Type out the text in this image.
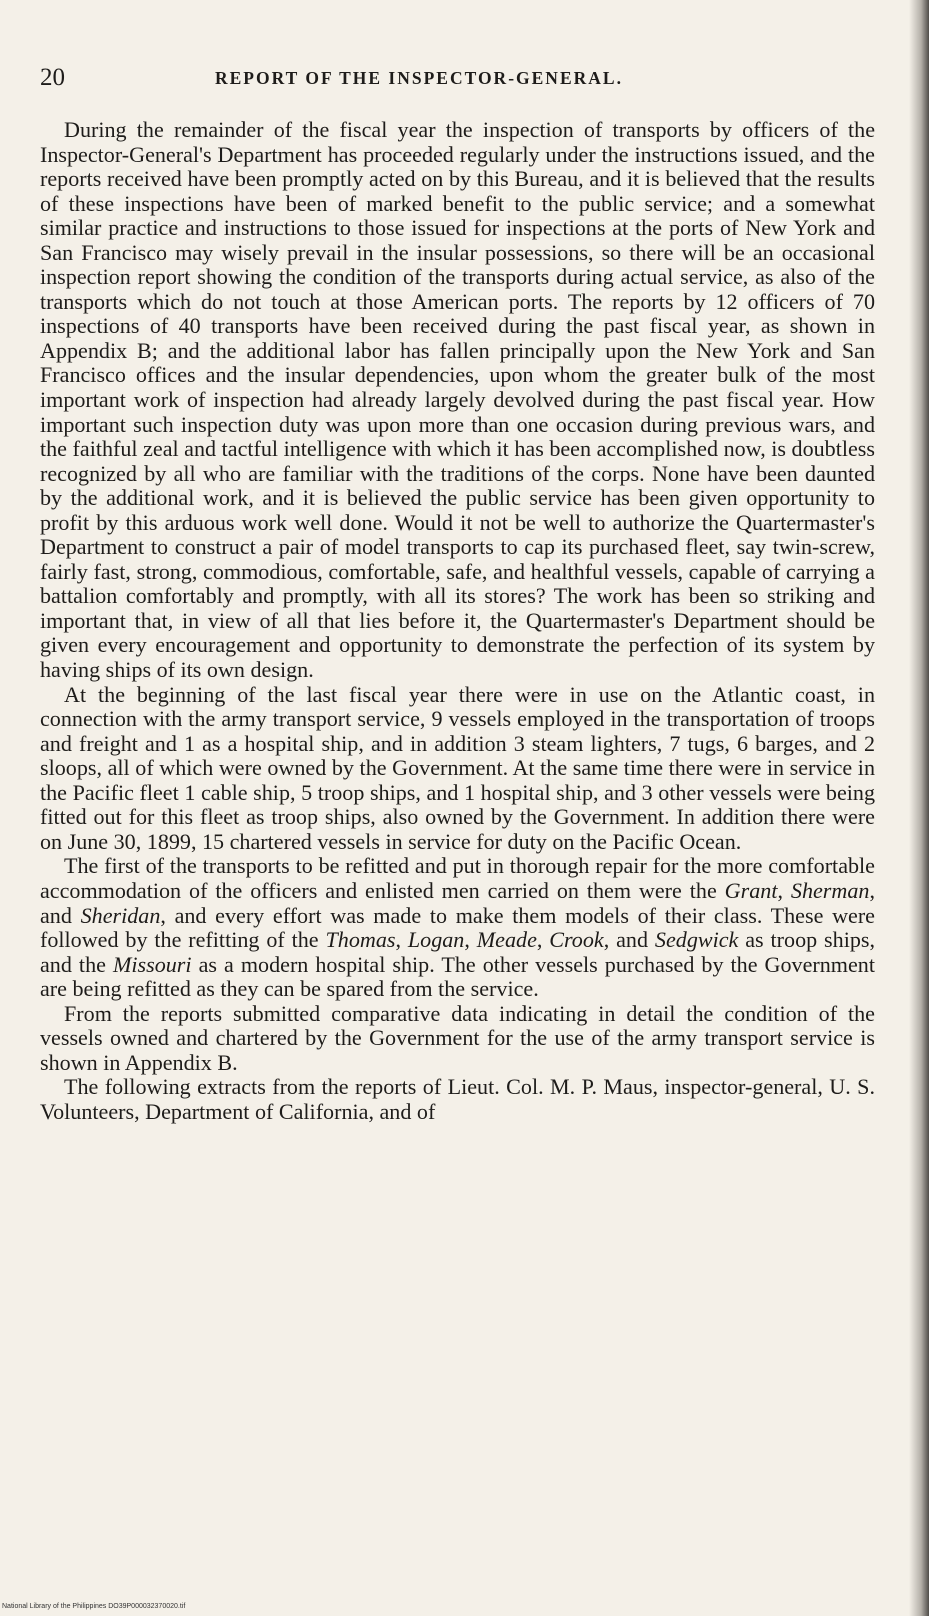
20	REPORT OF THE INSPECTOR-GENERAL.

During the remainder of the fiscal year the inspection of transports by officers of the Inspector-General's Department has proceeded regularly under the instructions issued, and the reports received have been promptly acted on by this Bureau, and it is believed that the results of these inspections have been of marked benefit to the public service; and a somewhat similar practice and instructions to those issued for inspections at the ports of New York and San Francisco may wisely prevail in the insular possessions, so there will be an occasional inspection report showing the condition of the transports during actual service, as also of the transports which do not touch at those American ports. The reports by 12 officers of 70 inspections of 40 transports have been received during the past fiscal year, as shown in Appendix B; and the additional labor has fallen principally upon the New York and San Francisco offices and the insular dependencies, upon whom the greater bulk of the most important work of inspection had already largely devolved during the past fiscal year. How important such inspection duty was upon more than one occasion during previous wars, and the faithful zeal and tactful intelligence with which it has been accomplished now, is doubtless recognized by all who are familiar with the traditions of the corps. None have been daunted by the additional work, and it is believed the public service has been given opportunity to profit by this arduous work well done. Would it not be well to authorize the Quartermaster's Department to construct a pair of model transports to cap its purchased fleet, say twin-screw, fairly fast, strong, commodious, comfortable, safe, and healthful vessels, capable of carrying a battalion comfortably and promptly, with all its stores? The work has been so striking and important that, in view of all that lies before it, the Quartermaster's Department should be given every encouragement and opportunity to demonstrate the perfection of its system by having ships of its own design.

At the beginning of the last fiscal year there were in use on the Atlantic coast, in connection with the army transport service, 9 vessels employed in the transportation of troops and freight and 1 as a hospital ship, and in addition 3 steam lighters, 7 tugs, 6 barges, and 2 sloops, all of which were owned by the Government. At the same time there were in service in the Pacific fleet 1 cable ship, 5 troop ships, and 1 hospital ship, and 3 other vessels were being fitted out for this fleet as troop ships, also owned by the Government. In addition there were on June 30, 1899, 15 chartered vessels in service for duty on the Pacific Ocean.

The first of the transports to be refitted and put in thorough repair for the more comfortable accommodation of the officers and enlisted men carried on them were the Grant, Sherman, and Sheridan, and every effort was made to make them models of their class. These were followed by the refitting of the Thomas, Logan, Meade, Crook, and Sedgwick as troop ships, and the Missouri as a modern hospital ship. The other vessels purchased by the Government are being refitted as they can be spared from the service.

From the reports submitted comparative data indicating in detail the condition of the vessels owned and chartered by the Government for the use of the army transport service is shown in Appendix B.

The following extracts from the reports of Lieut. Col. M. P. Maus, inspector-general, U. S. Volunteers, Department of California, and of

National Library of the Philippines DO39P000032370020.tif
